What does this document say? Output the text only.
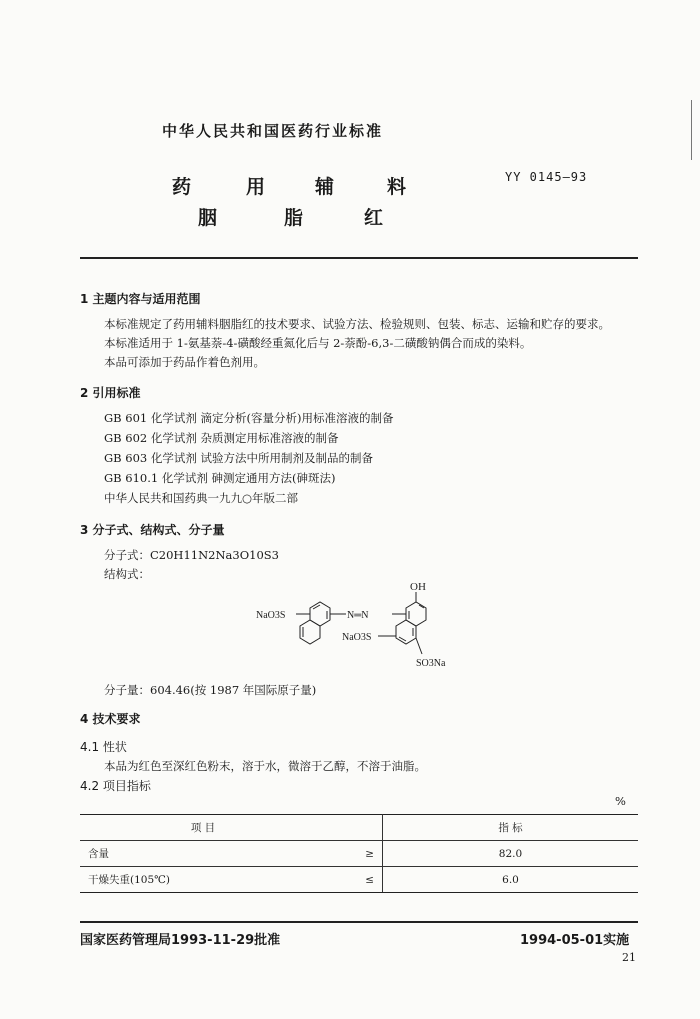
中华人民共和国医药行业标准
药	用	辅	料
胭	脂	红
YY 0145—93
1 主题内容与适用范围
本标准规定了药用辅料胭脂红的技术要求、试验方法、检验规则、包装、标志、运输和贮存的要求。
本标准适用于 1-氨基萘-4-磺酸经重氮化后与 2-萘酚-6,3-二磺酸钠偶合而成的染料。
本品可添加于药品作着色剂用。
2 引用标准
GB 601 化学试剂 滴定分析(容量分析)用标准溶液的制备
GB 602 化学试剂 杂质测定用标准溶液的制备
GB 603 化学试剂 试验方法中所用制剂及制品的制备
GB 610.1 化学试剂 砷测定通用方法(砷斑法)
中华人民共和国药典一九九○年版二部
3 分子式、结构式、分子量
分子式：C20H11N2Na3O10S3
结构式：
OH
NaO3S	N═N
NaO3S
SO3Na
分子量：604.46(按 1987 年国际原子量)
4 技术要求
4.1 性状
本品为红色至深红色粉末，溶于水，微溶于乙醇，不溶于油脂。
4.2 项目指标
%
项 目		指 标
含量	≥	82.0
干燥失重(105℃)	≤	6.0
国家医药管理局1993-11-29批准	1994-05-01实施
21
